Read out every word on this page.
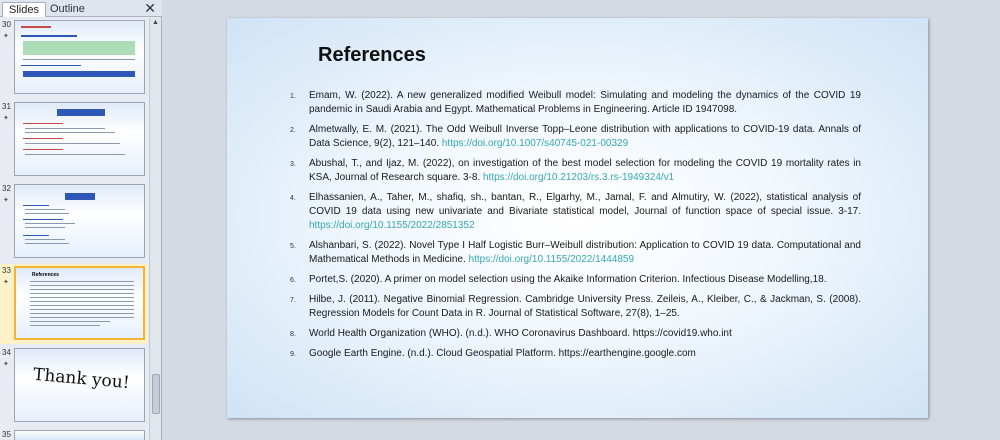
Slides	Outline	✕
30
✦
31
✦
32
✦
33
✦
References
34
✦
Thank you!
35
▲
References
1. Emam, W. (2022). A new generalized modified Weibull model: Simulating and modeling the dynamics of the COVID 19 pandemic in Saudi Arabia and Egypt. Mathematical Problems in Engineering. Article ID 1947098.
2. Almetwally, E. M. (2021). The Odd Weibull Inverse Topp–Leone distribution with applications to COVID-19 data. Annals of Data Science, 9(2), 121–140. https://doi.org/10.1007/s40745-021-00329
3. Abushal, T., and Ijaz, M. (2022), on investigation of the best model selection for modeling the COVID 19 mortality rates in KSA, Journal of Research square. 3-8. https://doi.org/10.21203/rs.3.rs-1949324/v1
4. Elhassanien, A., Taher, M., shafiq, sh., bantan, R., Elgarhy, M., Jamal, F. and Almutiry, W. (2022), statistical analysis of COVID 19 data using new univariate and Bivariate statistical model, Journal of function space of special issue. 3-17. https://doi.org/10.1155/2022/2851352
5. Alshanbari, S. (2022). Novel Type I Half Logistic Burr–Weibull distribution: Application to COVID 19 data. Computational and Mathematical Methods in Medicine. https://doi.org/10.1155/2022/1444859
6. Portet,S. (2020). A primer on model selection using the Akaike Information Criterion. Infectious Disease Modelling,18.
7. Hilbe, J. (2011). Negative Binomial Regression. Cambridge University Press. Zeileis, A., Kleiber, C., & Jackman, S. (2008). Regression Models for Count Data in R. Journal of Statistical Software, 27(8), 1–25.
8. World Health Organization (WHO). (n.d.). WHO Coronavirus Dashboard. https://covid19.who.int
9. Google Earth Engine. (n.d.). Cloud Geospatial Platform. https://earthengine.google.com
